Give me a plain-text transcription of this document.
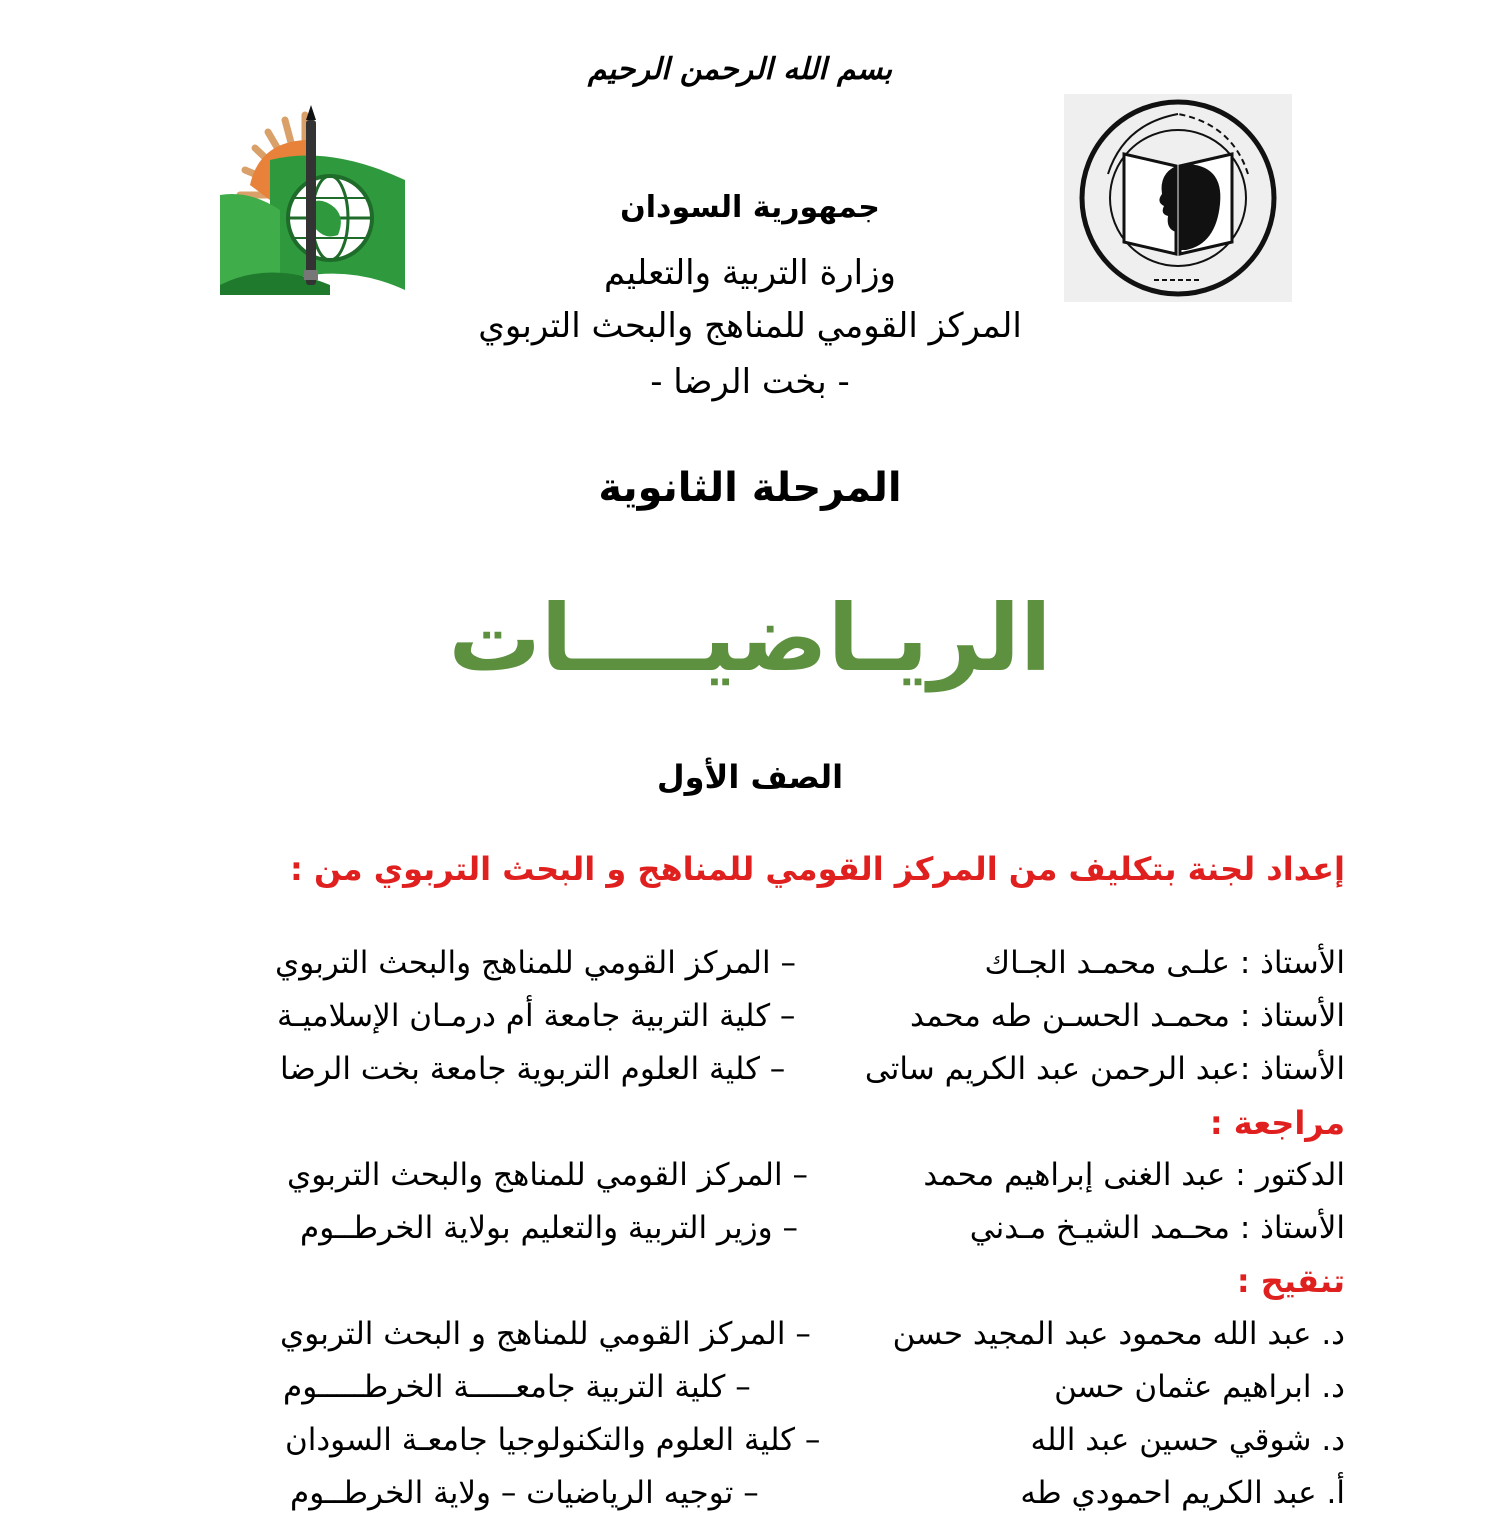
بسم الله الرحمن الرحيم
جمهورية السودان
وزارة التربية والتعليم
المركز القومي للمناهج والبحث التربوي
- بخت الرضا -
المرحلة الثانوية
الريـاضيــــات
الصف الأول
إعداد لجنة بتكليف من المركز القومي للمناهج و البحث التربوي من :
الأستاذ : علـى محمـد الجـاك
– المركز القومي للمناهج والبحث التربوي
الأستاذ : محمـد الحسـن طه محمد
– كلية التربية جامعة أم درمـان الإسلاميـة
الأستاذ :عبد الرحمن عبد الكريم ساتى
– كلية العلوم التربوية جامعة بخت الرضا
مراجعة :
الدكتور : عبد الغنى إبراهيم محمد
– المركز القومي للمناهج والبحث التربوي
الأستاذ : محـمد الشيـخ مـدني
– وزير التربية والتعليم بولاية الخرطــوم
تنقيح :
د. عبد الله محمود عبد المجيد حسن
– المركز القومي للمناهج و البحث التربوي
د. ابراهيم عثمان حسن
– كلية التربية جامعـــــة الخرطـــــوم
د. شوقي حسين عبد الله
– كلية العلوم والتكنولوجيا جامعـة السودان
أ. عبد الكريم احمودي طه
– توجيه الرياضيات – ولاية الخرطــوم
